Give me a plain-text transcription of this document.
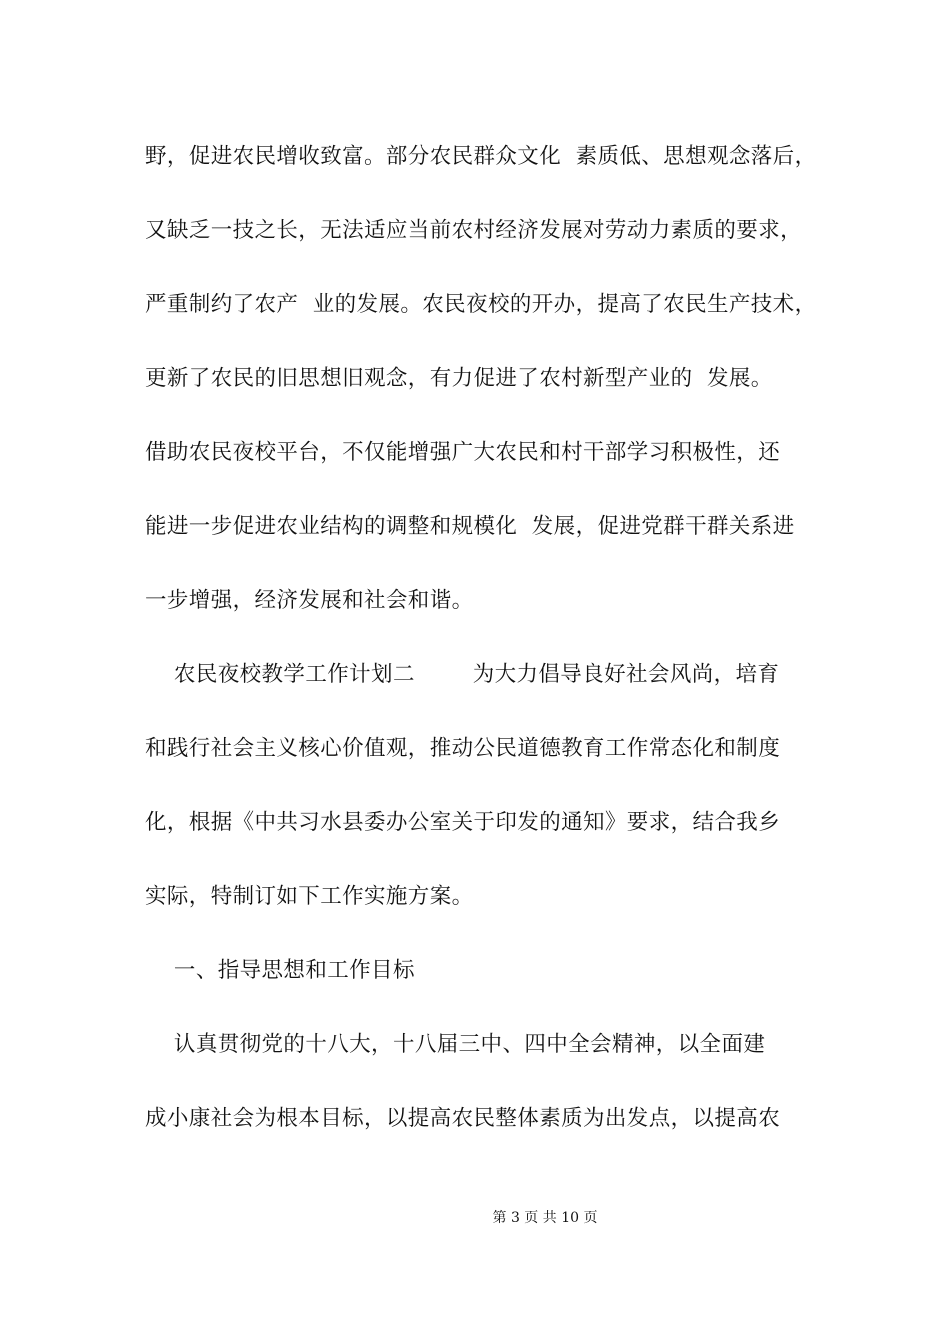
野，促进农民增收致富。部分农民群众文化  素质低、思想观念落后，
又缺乏一技之长，无法适应当前农村经济发展对劳动力素质的要求，
严重制约了农产  业的发展。农民夜校的开办，提高了农民生产技术，
更新了农民的旧思想旧观念，有力促进了农村新型产业的  发展。
借助农民夜校平台，不仅能增强广大农民和村干部学习积极性，还
能进一步促进农业结构的调整和规模化  发展，促进党群干群关系进
一步增强，经济发展和社会和谐。
农民夜校教学工作计划二        为大力倡导良好社会风尚，培育
和践行社会主义核心价值观，推动公民道德教育工作常态化和制度
化，根据《中共习水县委办公室关于印发的通知》要求，结合我乡
实际，特制订如下工作实施方案。
一、指导思想和工作目标
认真贯彻党的十八大，十八届三中、四中全会精神，以全面建
成小康社会为根本目标，以提高农民整体素质为出发点，以提高农
第 3 页 共 10 页
